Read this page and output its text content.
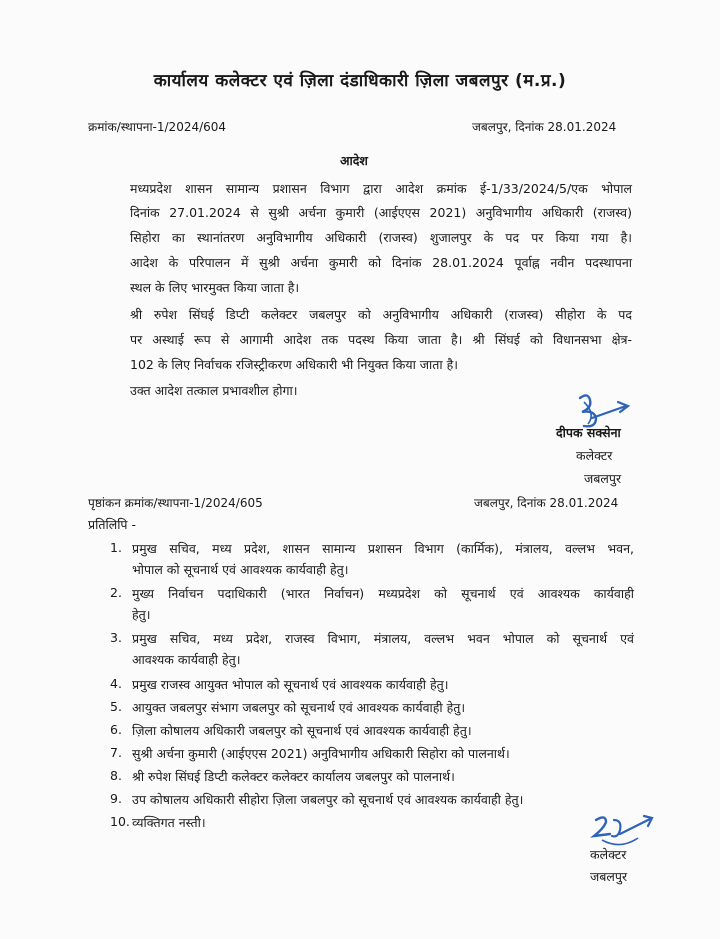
कार्यालय कलेक्टर एवं ज़िला दंडाधिकारी ज़िला जबलपुर (म.प्र.)
क्रमांक/स्थापना-1/2024/604	जबलपुर, दिनांक 28.01.2024
आदेश
मध्यप्रदेश शासन सामान्य प्रशासन विभाग द्वारा आदेश क्रमांक ई-1/33/2024/5/एक भोपाल
दिनांक 27.01.2024 से सुश्री अर्चना कुमारी (आईएएस 2021) अनुविभागीय अधिकारी (राजस्व)
सिहोरा का स्थानांतरण अनुविभागीय अधिकारी (राजस्व) शुजालपुर के पद पर किया गया है।
आदेश के परिपालन में सुश्री अर्चना कुमारी को दिनांक 28.01.2024 पूर्वाह्न नवीन पदस्थापना
स्थल के लिए भारमुक्त किया जाता है।
श्री रुपेश सिंघई डिप्टी कलेक्टर जबलपुर को अनुविभागीय अधिकारी (राजस्व) सीहोरा के पद
पर अस्थाई रूप से आगामी आदेश तक पदस्थ किया जाता है। श्री सिंघई को विधानसभा क्षेत्र-
102 के लिए निर्वाचक रजिस्ट्रीकरण अधिकारी भी नियुक्त किया जाता है।
उक्त आदेश तत्काल प्रभावशील होगा।
दीपक सक्सेना
कलेक्टर
जबलपुर
पृष्ठांकन क्रमांक/स्थापना-1/2024/605	जबलपुर, दिनांक 28.01.2024
प्रतिलिपि -
1. प्रमुख सचिव, मध्य प्रदेश, शासन सामान्य प्रशासन विभाग (कार्मिक), मंत्रालय, वल्लभ भवन,
भोपाल को सूचनार्थ एवं आवश्यक कार्यवाही हेतु।
2. मुख्य निर्वाचन पदाधिकारी (भारत निर्वाचन) मध्यप्रदेश को सूचनार्थ एवं आवश्यक कार्यवाही
हेतु।
3. प्रमुख सचिव, मध्य प्रदेश, राजस्व विभाग, मंत्रालय, वल्लभ भवन भोपाल को सूचनार्थ एवं
आवश्यक कार्यवाही हेतु।
4. प्रमुख राजस्व आयुक्त भोपाल को सूचनार्थ एवं आवश्यक कार्यवाही हेतु।
5. आयुक्त जबलपुर संभाग जबलपुर को सूचनार्थ एवं आवश्यक कार्यवाही हेतु।
6. ज़िला कोषालय अधिकारी जबलपुर को सूचनार्थ एवं आवश्यक कार्यवाही हेतु।
7. सुश्री अर्चना कुमारी (आईएएस 2021) अनुविभागीय अधिकारी सिहोरा को पालनार्थ।
8. श्री रुपेश सिंघई डिप्टी कलेक्टर कलेक्टर कार्यालय जबलपुर को पालनार्थ।
9. उप कोषालय अधिकारी सीहोरा ज़िला जबलपुर को सूचनार्थ एवं आवश्यक कार्यवाही हेतु।
10. व्यक्तिगत नस्ती।
कलेक्टर
जबलपुर
